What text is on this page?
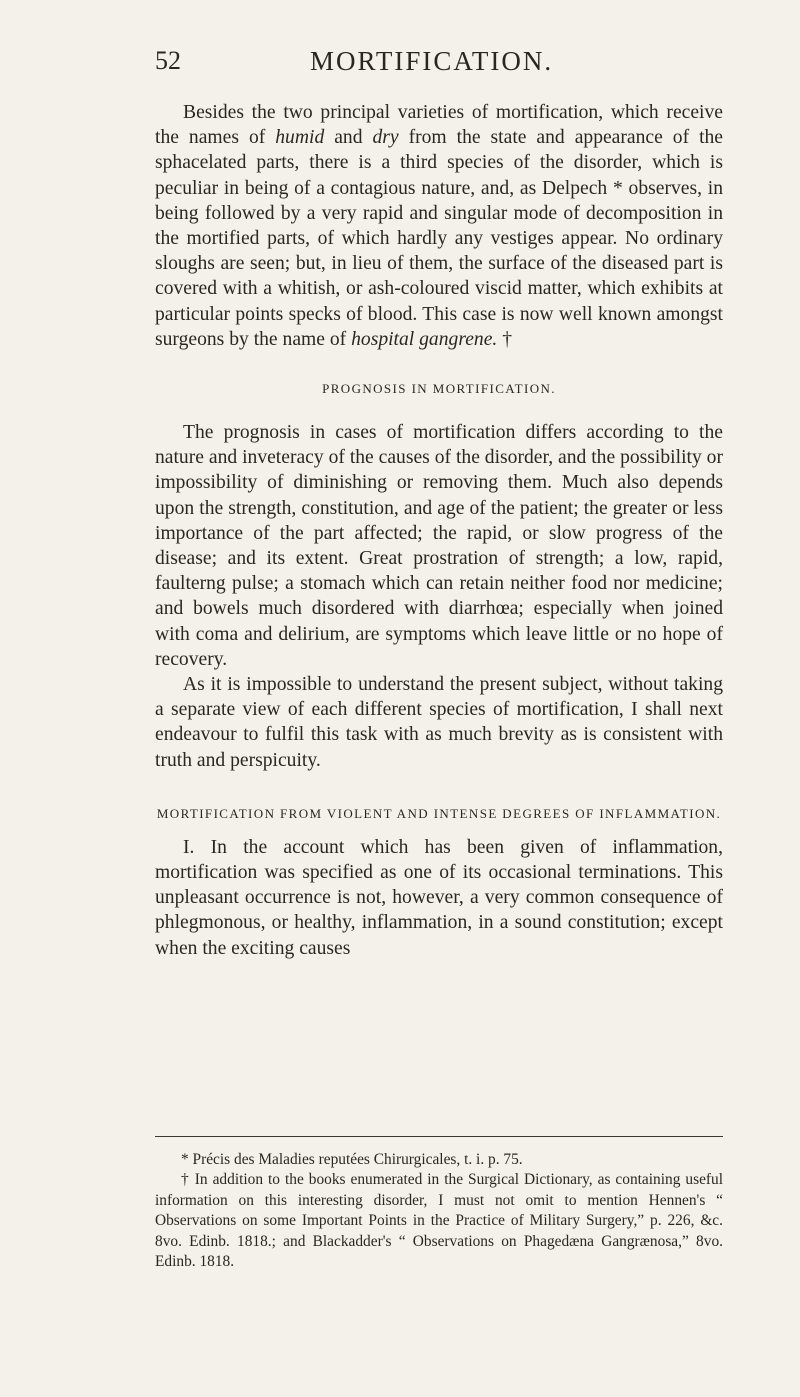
52	MORTIFICATION.

Besides the two principal varieties of mortification, which receive the names of humid and dry from the state and appearance of the sphacelated parts, there is a third species of the disorder, which is peculiar in being of a contagious nature, and, as Delpech * observes, in being followed by a very rapid and singular mode of decomposition in the mortified parts, of which hardly any vestiges appear. No ordinary sloughs are seen; but, in lieu of them, the surface of the diseased part is covered with a whitish, or ash-coloured viscid matter, which exhibits at particular points specks of blood. This case is now well known amongst surgeons by the name of hospital gangrene. †

PROGNOSIS IN MORTIFICATION.

The prognosis in cases of mortification differs according to the nature and inveteracy of the causes of the disorder, and the possibility or impossibility of diminishing or removing them. Much also depends upon the strength, constitution, and age of the patient; the greater or less importance of the part affected; the rapid, or slow progress of the disease; and its extent. Great prostration of strength; a low, rapid, faulterng pulse; a stomach which can retain neither food nor medicine; and bowels much disordered with diarrhœa; especially when joined with coma and delirium, are symptoms which leave little or no hope of recovery.

As it is impossible to understand the present subject, without taking a separate view of each different species of mortification, I shall next endeavour to fulfil this task with as much brevity as is consistent with truth and perspicuity.

MORTIFICATION FROM VIOLENT AND INTENSE DEGREES OF INFLAMMATION.

I. In the account which has been given of inflammation, mortification was specified as one of its occasional terminations. This unpleasant occurrence is not, however, a very common consequence of phlegmonous, or healthy, inflammation, in a sound constitution; except when the exciting causes

* Précis des Maladies reputées Chirurgicales, t. i. p. 75.

† In addition to the books enumerated in the Surgical Dictionary, as containing useful information on this interesting disorder, I must not omit to mention Hennen's “ Observations on some Important Points in the Practice of Military Surgery,” p. 226, &c. 8vo. Edinb. 1818.; and Blackadder's “ Observations on Phagedæna Gangrænosa,” 8vo. Edinb. 1818.
